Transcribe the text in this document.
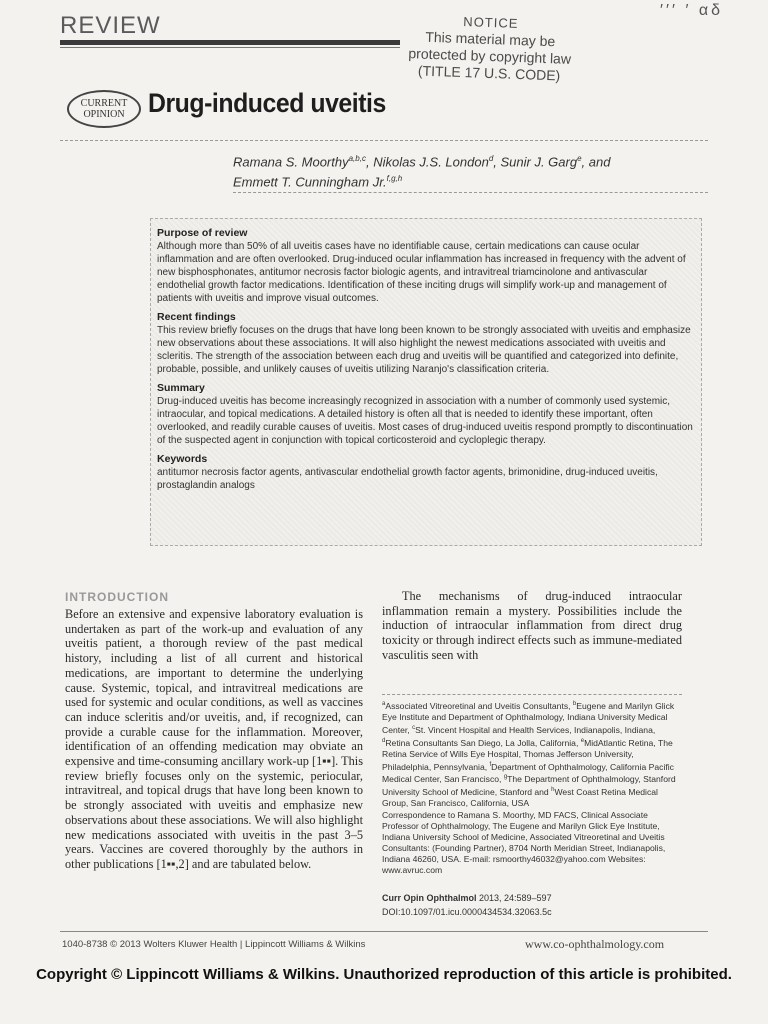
REVIEW	NOTICE
This material may be
protected by copyright law
(TITLE 17 U.S. CODE)
′′′ ′ αδ
CURRENT
OPINION Drug-induced uveitis
Ramana S. Moorthy$^{a,b,c}$, Nikolas J.S. London$^d$, Sunir J. Garg$^e$, and
Emmett T. Cunningham Jr.$^{f,g,h}$
Purpose of review

Although more than 50% of all uveitis cases have no identifiable cause, certain medications can cause ocular inflammation and are often overlooked. Drug-induced ocular inflammation has increased in frequency with the advent of new bisphosphonates, antitumor necrosis factor biologic agents, and intravitreal triamcinolone and antivascular endothelial growth factor medications. Identification of these inciting drugs will simplify work-up and management of patients with uveitis and improve visual outcomes.

Recent findings

This review briefly focuses on the drugs that have long been known to be strongly associated with uveitis and emphasize new observations about these associations. It will also highlight the newest medications associated with uveitis and scleritis. The strength of the association between each drug and uveitis will be quantified and categorized into definite, probable, possible, and unlikely causes of uveitis utilizing Naranjo's classification criteria.

Summary

Drug-induced uveitis has become increasingly recognized in association with a number of commonly used systemic, intraocular, and topical medications. A detailed history is often all that is needed to identify these important, often overlooked, and readily curable causes of uveitis. Most cases of drug-induced uveitis respond promptly to discontinuation of the suspected agent in conjunction with topical corticosteroid and cycloplegic therapy.

Keywords

antitumor necrosis factor agents, antivascular endothelial growth factor agents, brimonidine, drug-induced uveitis, prostaglandin analogs

INTRODUCTION

Before an extensive and expensive laboratory evaluation is undertaken as part of the work-up and evaluation of any uveitis patient, a thorough review of the past medical history, including a list of all current and historical medications, are important to determine the underlying cause. Systemic, topical, and intravitreal medications are used for systemic and ocular conditions, as well as vaccines can induce scleritis and/or uveitis, and, if recognized, can provide a curable cause for the inflammation. Moreover, identification of an offending medication may obviate an expensive and time-consuming ancillary work-up [1▪▪]. This review briefly focuses only on the systemic, periocular, intravitreal, and topical drugs that have long been known to be strongly associated with uveitis and emphasize new observations about these associations. We will also highlight new medications associated with uveitis in the past 3–5 years. Vaccines are covered thoroughly by the authors in other publications [1▪▪,2] and are tabulated below.

The mechanisms of drug-induced intraocular inflammation remain a mystery. Possibilities include the induction of intraocular inflammation from direct drug toxicity or through indirect effects such as immune-mediated vasculitis seen with

$^a$Associated Vitreoretinal and Uveitis Consultants, $^b$Eugene and Marilyn Glick Eye Institute and Department of Ophthalmology, Indiana University Medical Center, $^c$St. Vincent Hospital and Health Services, Indianapolis, Indiana, $^d$Retina Consultants San Diego, La Jolla, California, $^e$MidAtlantic Retina, The Retina Service of Wills Eye Hospital, Thomas Jefferson University, Philadelphia, Pennsylvania, $^f$Department of Ophthalmology, California Pacific Medical Center, San Francisco, $^g$The Department of Ophthalmology, Stanford University School of Medicine, Stanford and $^h$West Coast Retina Medical Group, San Francisco, California, USA

Correspondence to Ramana S. Moorthy, MD FACS, Clinical Associate Professor of Ophthalmology, The Eugene and Marilyn Glick Eye Institute, Indiana University School of Medicine, Associated Vitreoretinal and Uveitis Consultants: (Founding Partner), 8704 North Meridian Street, Indianapolis, Indiana 46260, USA. E-mail: rsmoorthy46032@yahoo.com Websites: www.avruc.com

Curr Opin Ophthalmol 2013, 24:589–597
DOI:10.1097/01.icu.0000434534.32063.5c
1040-8738 © 2013 Wolters Kluwer Health | Lippincott Williams & Wilkins	www.co-ophthalmology.com
Copyright © Lippincott Williams & Wilkins. Unauthorized reproduction of this article is prohibited.
